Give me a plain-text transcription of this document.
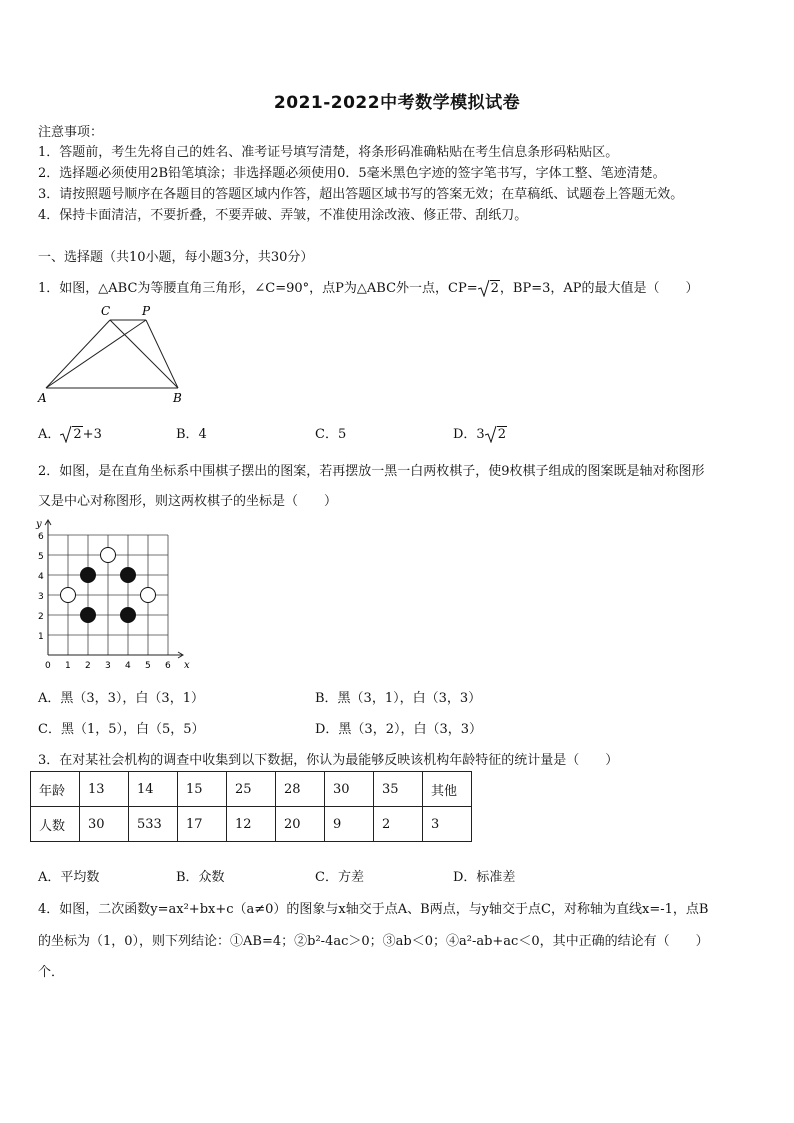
2021-2022中考数学模拟试卷
注意事项：
1．答题前，考生先将自己的姓名、准考证号填写清楚，将条形码准确粘贴在考生信息条形码粘贴区。
2．选择题必须使用2B铅笔填涂；非选择题必须使用0．5毫米黑色字迹的签字笔书写，字体工整、笔迹清楚。
3．请按照题号顺序在各题目的答题区域内作答，超出答题区域书写的答案无效；在草稿纸、试题卷上答题无效。
4．保持卡面清洁，不要折叠，不要弄破、弄皱，不准使用涂改液、修正带、刮纸刀。
一、选择题（共10小题，每小题3分，共30分）
1．如图，△ABC为等腰直角三角形，∠C=90°，点P为△ABC外一点，CP= 2，BP=3，AP的最大值是（　　）
C	P
A	B
A． 2+3	B．4	C．5	D．3 2
2．如图，是在直角坐标系中围棋子摆出的图案，若再摆放一黑一白两枚棋子，使9枚棋子组成的图案既是轴对称图形
又是中心对称图形，则这两枚棋子的坐标是（　　）
x
y
0 1 2 3 4 5 6
1
2
3
4
5
6
A．黑（3，3），白（3，1）	B．黑（3，1），白（3，3）
C．黑（1，5），白（5，5）	D．黑（3，2），白（3，3）
3．在对某社会机构的调查中收集到以下数据，你认为最能够反映该机构年龄特征的统计量是（　　）
年龄	13	14	15	25	28	30	35	其他
人数	30	533	17	12	20	9	2	3
A．平均数	B．众数	C．方差	D．标准差
4．如图，二次函数y=ax²+bx+c（a≠0）的图象与x轴交于点A、B两点，与y轴交于点C，对称轴为直线x=-1，点B
的坐标为（1，0），则下列结论：①AB=4；②b²-4ac＞0；③ab＜0；④a²-ab+ac＜0，其中正确的结论有（　　）
个．
